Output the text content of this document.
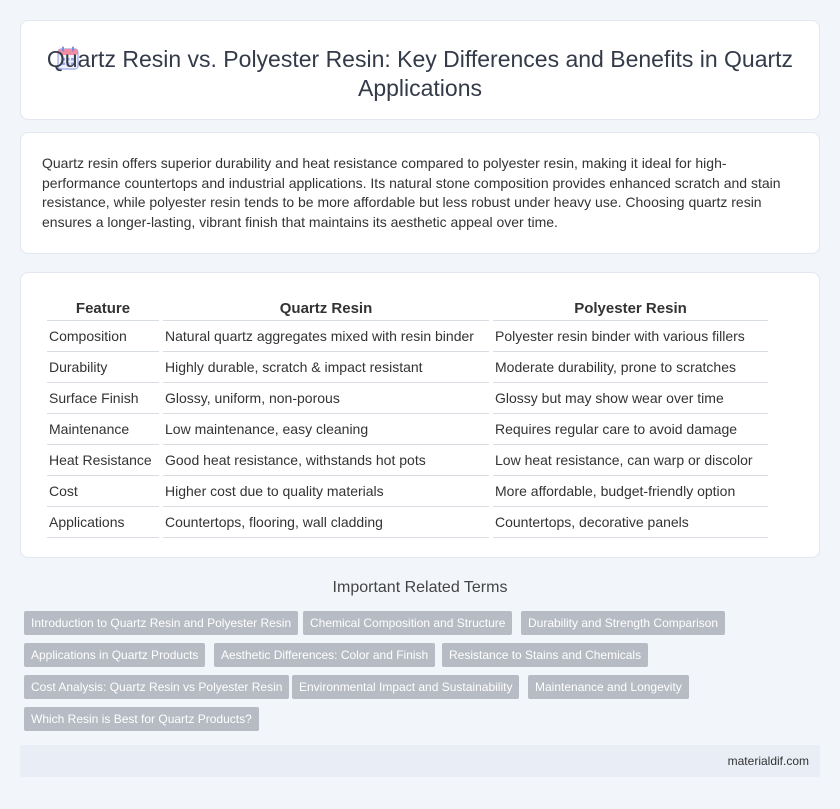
Quartz Resin vs. Polyester Resin: Key Differences and Benefits in Quartz Applications

Quartz resin offers superior durability and heat resistance compared to polyester resin, making it ideal for high-performance countertops and industrial applications. Its natural stone composition provides enhanced scratch and stain resistance, while polyester resin tends to be more affordable but less robust under heavy use. Choosing quartz resin ensures a longer-lasting, vibrant finish that maintains its aesthetic appeal over time.

Feature	Quartz Resin	Polyester Resin
Composition	Natural quartz aggregates mixed with resin binder	Polyester resin binder with various fillers
Durability	Highly durable, scratch & impact resistant	Moderate durability, prone to scratches
Surface Finish	Glossy, uniform, non-porous	Glossy but may show wear over time
Maintenance	Low maintenance, easy cleaning	Requires regular care to avoid damage
Heat Resistance	Good heat resistance, withstands hot pots	Low heat resistance, can warp or discolor
Cost	Higher cost due to quality materials	More affordable, budget-friendly option
Applications	Countertops, flooring, wall cladding	Countertops, decorative panels
Important Related Terms
Introduction to Quartz Resin and Polyester Resin	Chemical Composition and Structure	Durability and Strength Comparison
Applications in Quartz Products	Aesthetic Differences: Color and Finish	Resistance to Stains and Chemicals
Cost Analysis: Quartz Resin vs Polyester Resin	Environmental Impact and Sustainability	Maintenance and Longevity
Which Resin is Best for Quartz Products?
materialdif.com
